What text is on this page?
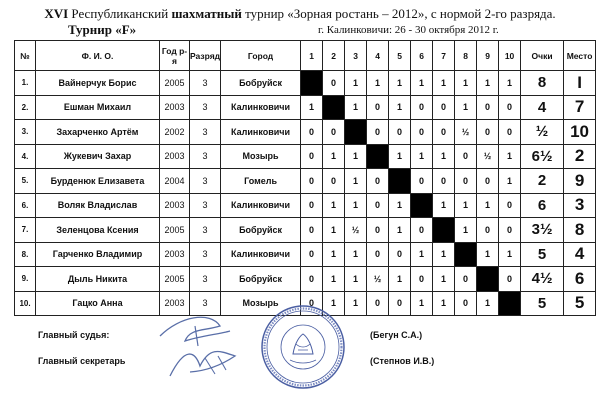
XVI Республиканский шахматный турнир «Зорная ростань – 2012», с нормой 2-го разряда.
Турнир «F»	г. Калинковичи: 26 - 30 октября 2012 г.
№	Ф. И. О.	Год р-я	Разряд	Город	1	2	3	4	5	6	7	8	9	10	Очки	Место
1.	Вайнерчук Борис	2005	3	Бобруйск		0	1	1	1	1	1	1	1	1	8	I
2.	Ешман Михаил	2003	3	Калинковичи	1		1	0	1	0	0	1	0	0	4	7
3.	Захарченко Артём	2002	3	Калинковичи	0	0		0	0	0	0	½	0	0	½	10
4.	Жукевич Захар	2003	3	Мозырь	0	1	1		1	1	1	0	½	1	6½	2
5.	Бурденюк Елизавета	2004	3	Гомель	0	0	1	0		0	0	0	0	1	2	9
6.	Воляк Владислав	2003	3	Калинковичи	0	1	1	0	1		1	1	1	0	6	3
7.	Зеленцова Ксения	2005	3	Бобруйск	0	1	½	0	1	0		1	0	0	3½	8
8.	Гарченко Владимир	2003	3	Калинковичи	0	1	1	0	0	1	1		1	1	5	4
9.	Дыль Никита	2005	3	Бобруйск	0	1	1	½	1	0	1	0		0	4½	6
10.	Гацко Анна	2003	3	Мозырь	0	1	1	0	0	1	1	0	1		5	5
Главный судья:
Главный секретарь
(Бегун С.А.)
(Степнов И.В.)
